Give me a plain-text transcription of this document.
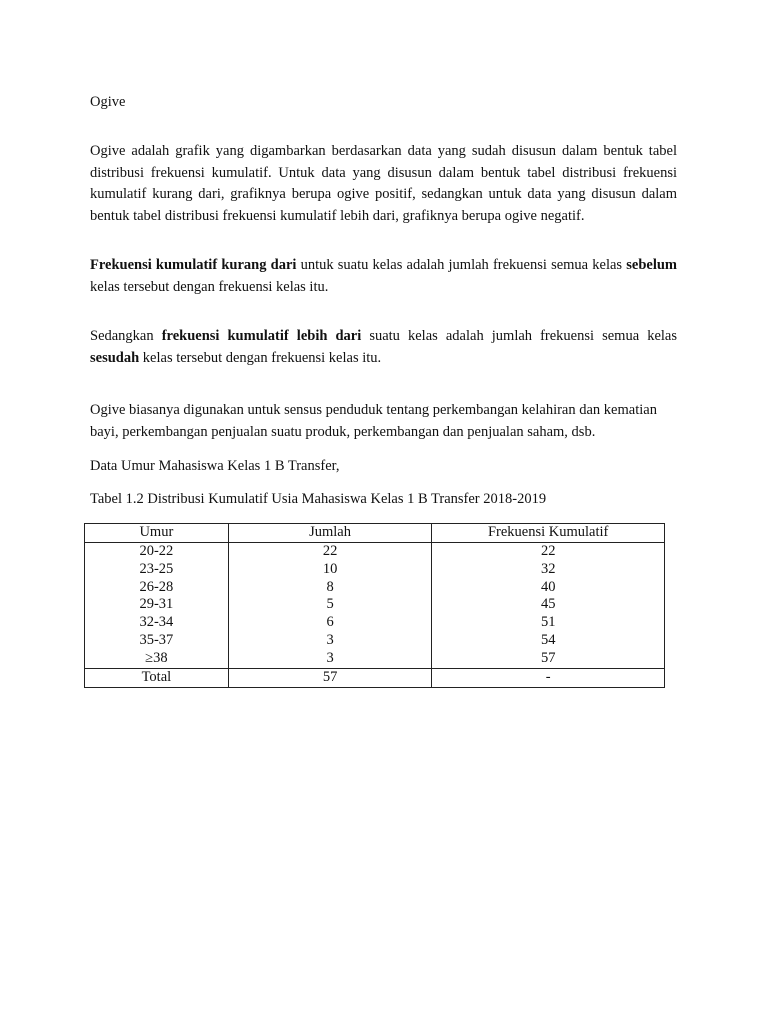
Ogive

Ogive adalah grafik yang digambarkan berdasarkan data yang sudah disusun dalam bentuk tabel distribusi frekuensi kumulatif. Untuk data yang disusun dalam bentuk tabel distribusi frekuensi kumulatif kurang dari, grafiknya berupa ogive positif, sedangkan untuk data yang disusun dalam bentuk tabel distribusi frekuensi kumulatif lebih dari, grafiknya berupa ogive negatif.

Frekuensi kumulatif kurang dari untuk suatu kelas adalah jumlah frekuensi semua kelas sebelum kelas tersebut dengan frekuensi kelas itu.

Sedangkan frekuensi kumulatif lebih dari suatu kelas adalah jumlah frekuensi semua kelas sesudah kelas tersebut dengan frekuensi kelas itu.

Ogive biasanya digunakan untuk sensus penduduk tentang perkembangan kelahiran dan kematian bayi, perkembangan penjualan suatu produk, perkembangan dan penjualan saham, dsb.

Data Umur Mahasiswa Kelas 1 B Transfer,

Tabel 1.2 Distribusi Kumulatif Usia Mahasiswa Kelas 1 B Transfer 2018-2019

Umur	Jumlah	Frekuensi Kumulatif
20-22	22	22
23-25	10	32
26-28	8	40
29-31	5	45
32-34	6	51
35-37	3	54
≥38	3	57
Total	57	-
